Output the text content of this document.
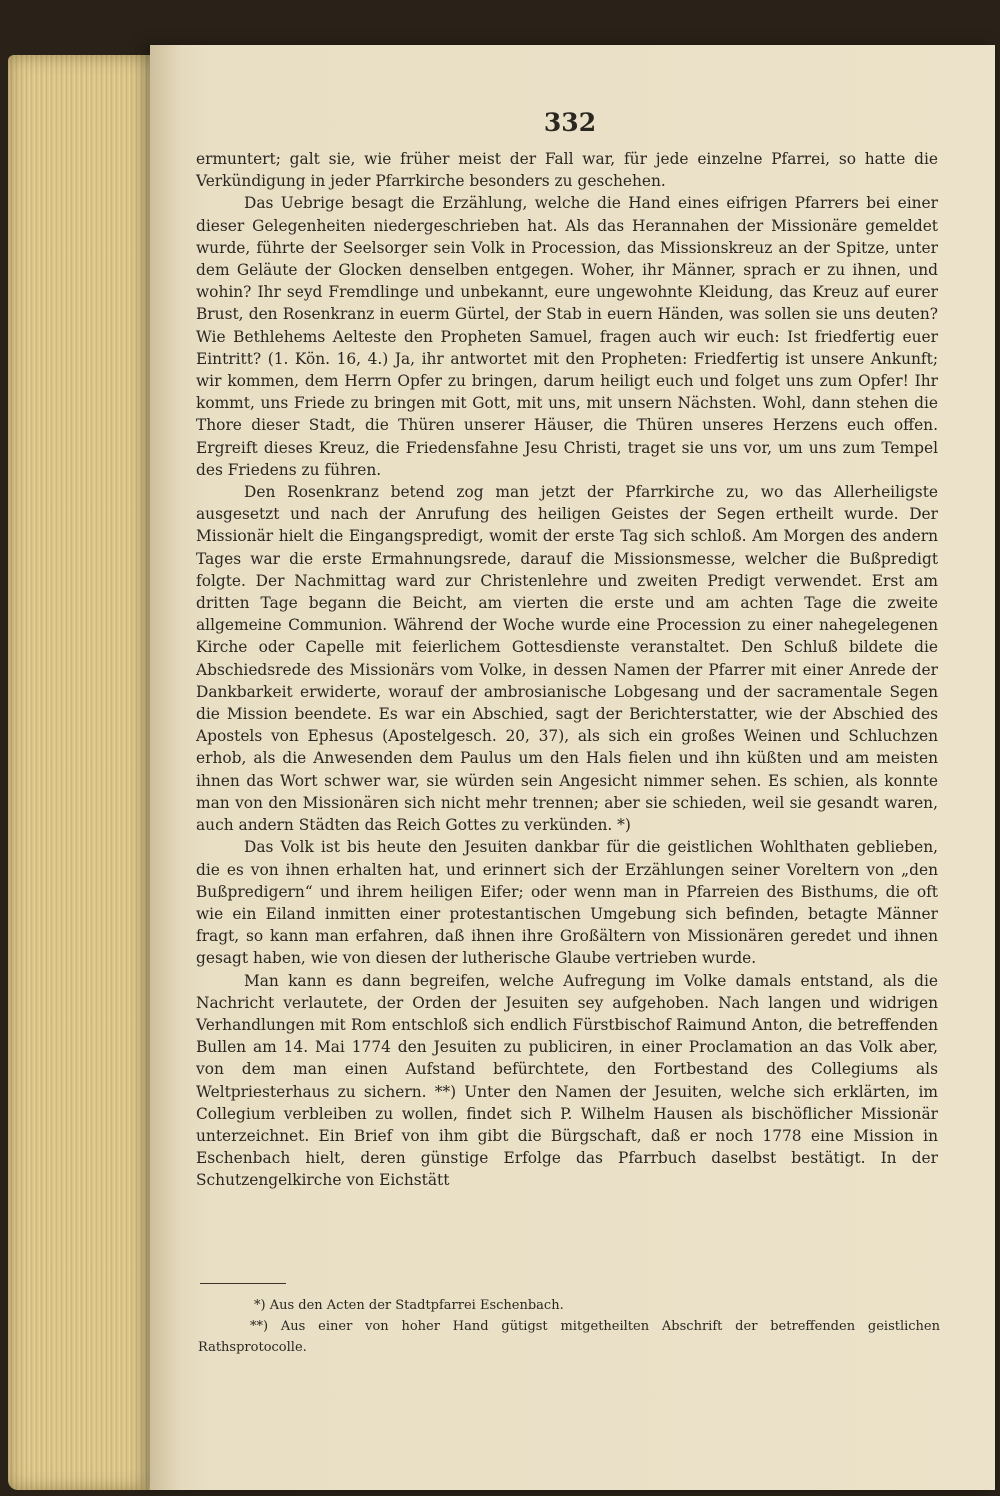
332

ermuntert; galt sie, wie früher meist der Fall war, für jede einzelne Pfarrei, so hatte die Verkündigung in jeder Pfarrkirche besonders zu geschehen.

Das Uebrige besagt die Erzählung, welche die Hand eines eifrigen Pfarrers bei einer dieser Gelegenheiten niedergeschrieben hat. Als das Herannahen der Missionäre gemeldet wurde, führte der Seelsorger sein Volk in Procession, das Missionskreuz an der Spitze, unter dem Geläute der Glocken denselben entgegen. Woher, ihr Männer, sprach er zu ihnen, und wohin? Ihr seyd Fremdlinge und unbekannt, eure ungewohnte Kleidung, das Kreuz auf eurer Brust, den Rosenkranz in euerm Gürtel, der Stab in euern Händen, was sollen sie uns deuten? Wie Bethlehems Aelteste den Propheten Samuel, fragen auch wir euch: Ist friedfertig euer Eintritt? (1. Kön. 16, 4.) Ja, ihr antwortet mit den Propheten: Friedfertig ist unsere Ankunft; wir kommen, dem Herrn Opfer zu bringen, darum heiligt euch und folget uns zum Opfer! Ihr kommt, uns Friede zu bringen mit Gott, mit uns, mit unsern Nächsten. Wohl, dann stehen die Thore dieser Stadt, die Thüren unserer Häuser, die Thüren unseres Herzens euch offen. Ergreift dieses Kreuz, die Friedensfahne Jesu Christi, traget sie uns vor, um uns zum Tempel des Friedens zu führen.

Den Rosenkranz betend zog man jetzt der Pfarrkirche zu, wo das Allerheiligste ausgesetzt und nach der Anrufung des heiligen Geistes der Segen ertheilt wurde. Der Missionär hielt die Eingangspredigt, womit der erste Tag sich schloß. Am Morgen des andern Tages war die erste Ermahnungsrede, darauf die Missionsmesse, welcher die Bußpredigt folgte. Der Nachmittag ward zur Christenlehre und zweiten Predigt verwendet. Erst am dritten Tage begann die Beicht, am vierten die erste und am achten Tage die zweite allgemeine Communion. Während der Woche wurde eine Procession zu einer nahegelegenen Kirche oder Capelle mit feierlichem Gottesdienste veranstaltet. Den Schluß bildete die Abschiedsrede des Missionärs vom Volke, in dessen Namen der Pfarrer mit einer Anrede der Dankbarkeit erwiderte, worauf der ambrosianische Lobgesang und der sacramentale Segen die Mission beendete. Es war ein Abschied, sagt der Berichterstatter, wie der Abschied des Apostels von Ephesus (Apostelgesch. 20, 37), als sich ein großes Weinen und Schluchzen erhob, als die Anwesenden dem Paulus um den Hals fielen und ihn küßten und am meisten ihnen das Wort schwer war, sie würden sein Angesicht nimmer sehen. Es schien, als konnte man von den Missionären sich nicht mehr trennen; aber sie schieden, weil sie gesandt waren, auch andern Städten das Reich Gottes zu verkünden. *)

Das Volk ist bis heute den Jesuiten dankbar für die geistlichen Wohlthaten geblieben, die es von ihnen erhalten hat, und erinnert sich der Erzählungen seiner Voreltern von „den Bußpredigern“ und ihrem heiligen Eifer; oder wenn man in Pfarreien des Bisthums, die oft wie ein Eiland inmitten einer protestantischen Umgebung sich befinden, betagte Männer fragt, so kann man erfahren, daß ihnen ihre Großältern von Missionären geredet und ihnen gesagt haben, wie von diesen der lutherische Glaube vertrieben wurde.

Man kann es dann begreifen, welche Aufregung im Volke damals entstand, als die Nachricht verlautete, der Orden der Jesuiten sey aufgehoben. Nach langen und widrigen Verhandlungen mit Rom entschloß sich endlich Fürstbischof Raimund Anton, die betreffenden Bullen am 14. Mai 1774 den Jesuiten zu publiciren, in einer Proclamation an das Volk aber, von dem man einen Aufstand befürchtete, den Fortbestand des Collegiums als Weltpriesterhaus zu sichern. **) Unter den Namen der Jesuiten, welche sich erklärten, im Collegium verbleiben zu wollen, findet sich P. Wilhelm Hausen als bischöflicher Missionär unterzeichnet. Ein Brief von ihm gibt die Bürgschaft, daß er noch 1778 eine Mission in Eschenbach hielt, deren günstige Erfolge das Pfarrbuch daselbst bestätigt. In der Schutzengelkirche von Eichstätt

*) Aus den Acten der Stadtpfarrei Eschenbach.

**) Aus einer von hoher Hand gütigst mitgetheilten Abschrift der betreffenden geistlichen Rathsprotocolle.
